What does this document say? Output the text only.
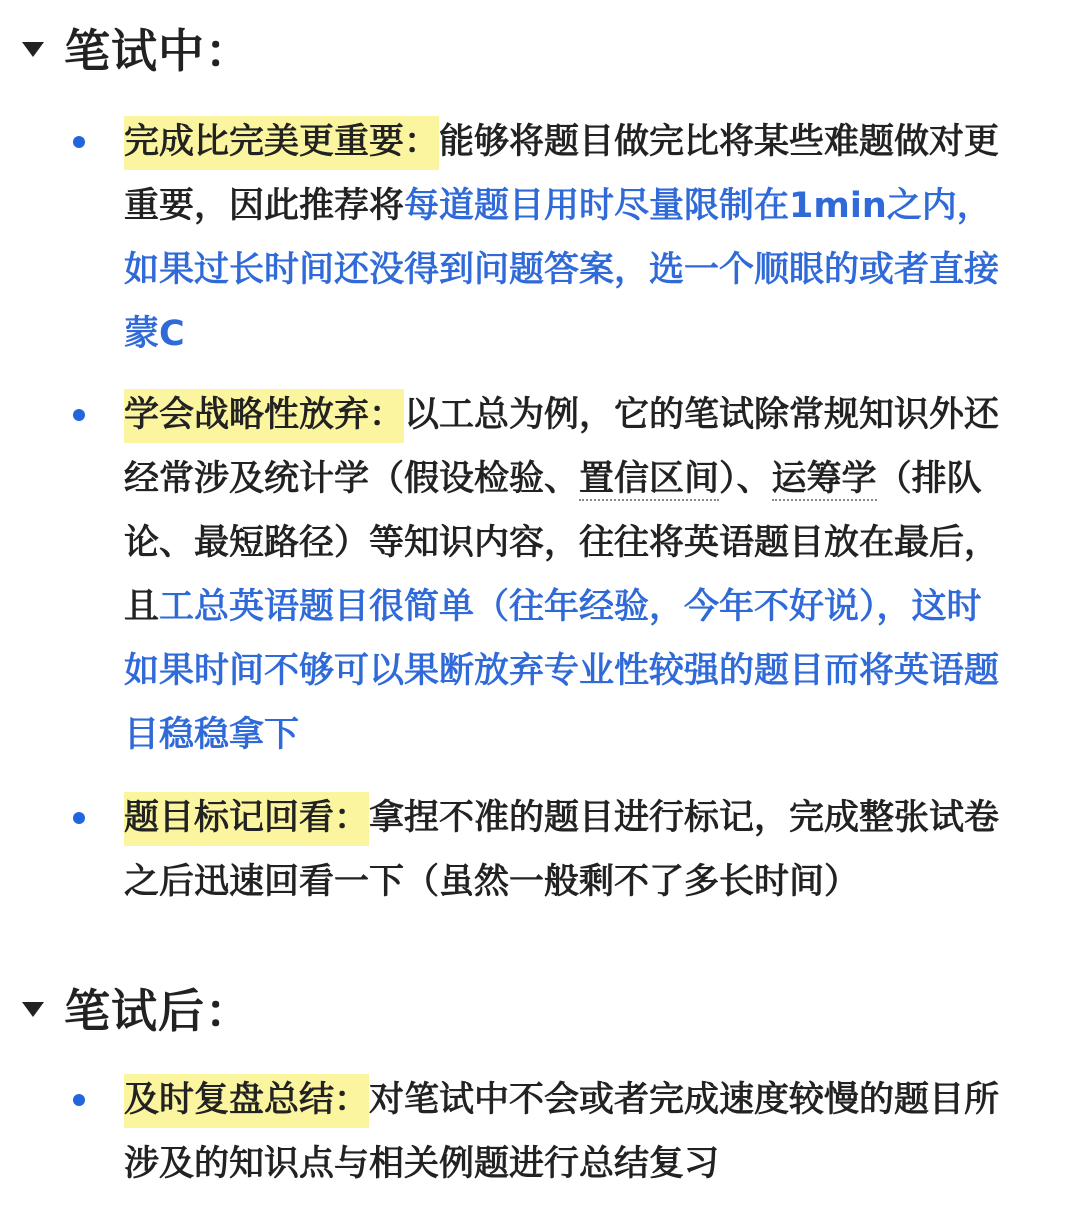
笔试中：

完成比完美更重要：能够将题目做完比将某些难题做对更重要，因此推荐将每道题目用时尽量限制在1min之内，如果过长时间还没得到问题答案，选一个顺眼的或者直接蒙C

学会战略性放弃：以工总为例，它的笔试除常规知识外还经常涉及统计学（假设检验、置信区间）、运筹学（排队论、最短路径）等知识内容，往往将英语题目放在最后，且工总英语题目很简单（往年经验，今年不好说），这时如果时间不够可以果断放弃专业性较强的题目而将英语题目稳稳拿下

题目标记回看：拿捏不准的题目进行标记，完成整张试卷之后迅速回看一下（虽然一般剩不了多长时间）

笔试后：

及时复盘总结：对笔试中不会或者完成速度较慢的题目所涉及的知识点与相关例题进行总结复习
